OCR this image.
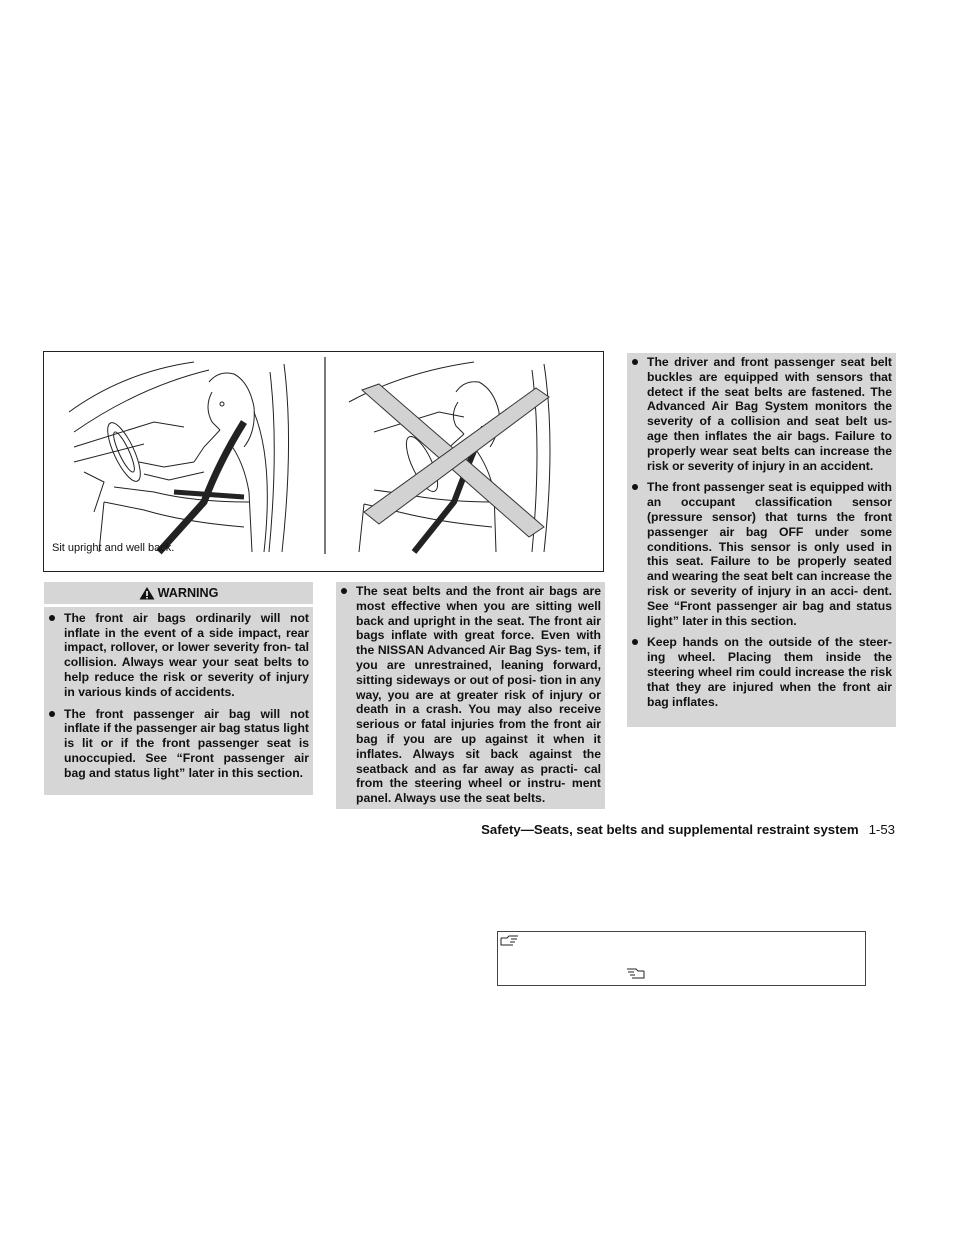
Sit upright and well back.
WARNING
The front air bags ordinarily will not inflate in the event of a side impact, rear impact, rollover, or lower severity fron- tal collision. Always wear your seat belts to help reduce the risk or severity of injury in various kinds of accidents.
The front passenger air bag will not inflate if the passenger air bag status light is lit or if the front passenger seat is unoccupied. See “Front passenger air bag and status light” later in this section.
The seat belts and the front air bags are most effective when you are sitting well back and upright in the seat. The front air bags inflate with great force. Even with the NISSAN Advanced Air Bag Sys- tem, if you are unrestrained, leaning forward, sitting sideways or out of posi- tion in any way, you are at greater risk of injury or death in a crash. You may also receive serious or fatal injuries from the front air bag if you are up against it when it inflates. Always sit back against the seatback and as far away as practi- cal from the steering wheel or instru- ment panel. Always use the seat belts.
The driver and front passenger seat belt buckles are equipped with sensors that detect if the seat belts are fastened. The Advanced Air Bag System monitors the severity of a collision and seat belt us- age then inflates the air bags. Failure to properly wear seat belts can increase the risk or severity of injury in an accident.
The front passenger seat is equipped with an occupant classification sensor (pressure sensor) that turns the front passenger air bag OFF under some conditions. This sensor is only used in this seat. Failure to be properly seated and wearing the seat belt can increase the risk or severity of injury in an acci- dent. See “Front passenger air bag and status light” later in this section.
Keep hands on the outside of the steer- ing wheel. Placing them inside the steering wheel rim could increase the risk that they are injured when the front air bag inflates.
Safety—Seats, seat belts and supplemental restraint system 1-53
